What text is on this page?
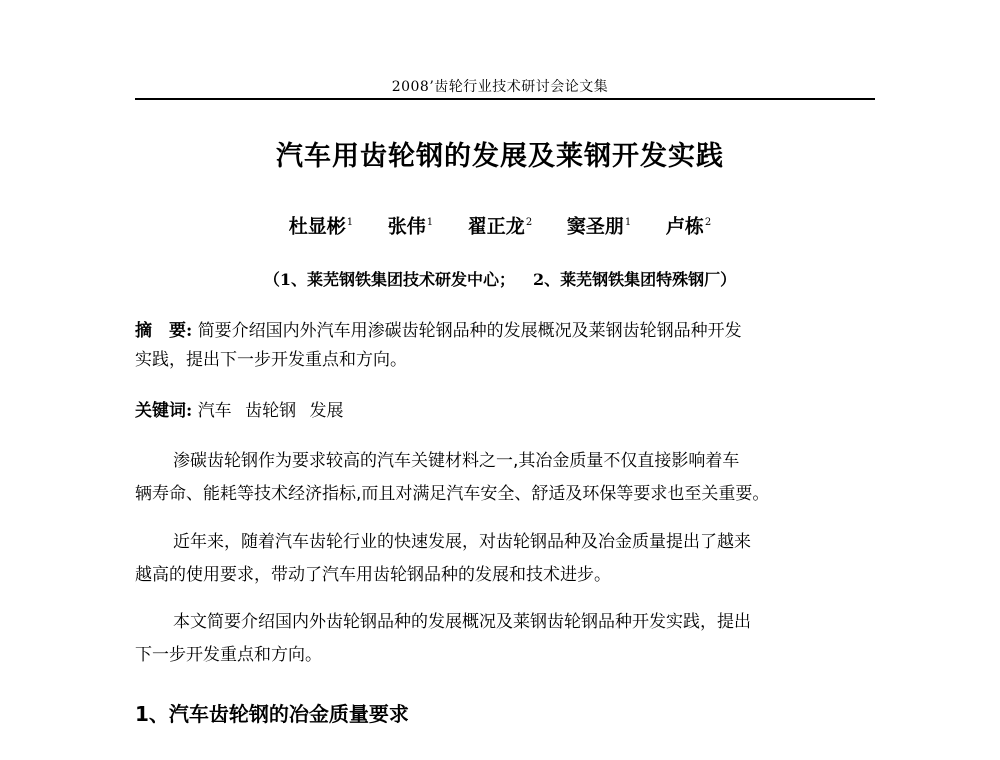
2008’齿轮行业技术研讨会论文集
汽车用齿轮钢的发展及莱钢开发实践
杜显彬$^1$ 张伟$^1$ 翟正龙$^2$ 窦圣朋$^1$ 卢栋$^2$
（1、莱芜钢铁集团技术研发中心； 2、莱芜钢铁集团特殊钢厂）
摘　要: 简要介绍国内外汽车用渗碳齿轮钢品种的发展概况及莱钢齿轮钢品种开发
实践，提出下一步开发重点和方向。
关键词: 汽车 齿轮钢 发展
渗碳齿轮钢作为要求较高的汽车关键材料之一,其冶金质量不仅直接影响着车
辆寿命、能耗等技术经济指标,而且对满足汽车安全、舒适及环保等要求也至关重要。
近年来，随着汽车齿轮行业的快速发展，对齿轮钢品种及冶金质量提出了越来
越高的使用要求，带动了汽车用齿轮钢品种的发展和技术进步。
本文简要介绍国内外齿轮钢品种的发展概况及莱钢齿轮钢品种开发实践，提出
下一步开发重点和方向。
1、汽车齿轮钢的冶金质量要求
